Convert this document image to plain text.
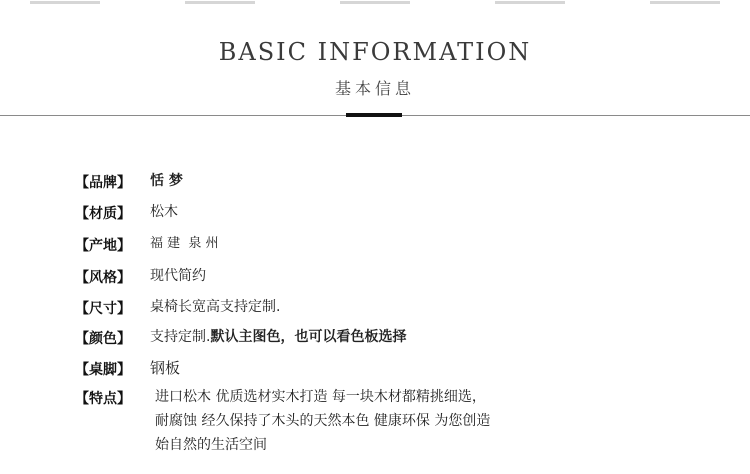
BASIC INFORMATION
基本信息
【品牌】 恬 梦
【材质】 松木
【产地】 福 建  泉 州
【风格】 现代简约
【尺寸】 桌椅长宽高支持定制.
【颜色】 支持定制.默认主图色，也可以看色板选择
【桌脚】 钢板
【特点】 进口松木 优质选材实木打造 每一块木材都精挑细选，
耐腐蚀 经久保持了木头的天然本色 健康环保 为您创造
始自然的生活空间
